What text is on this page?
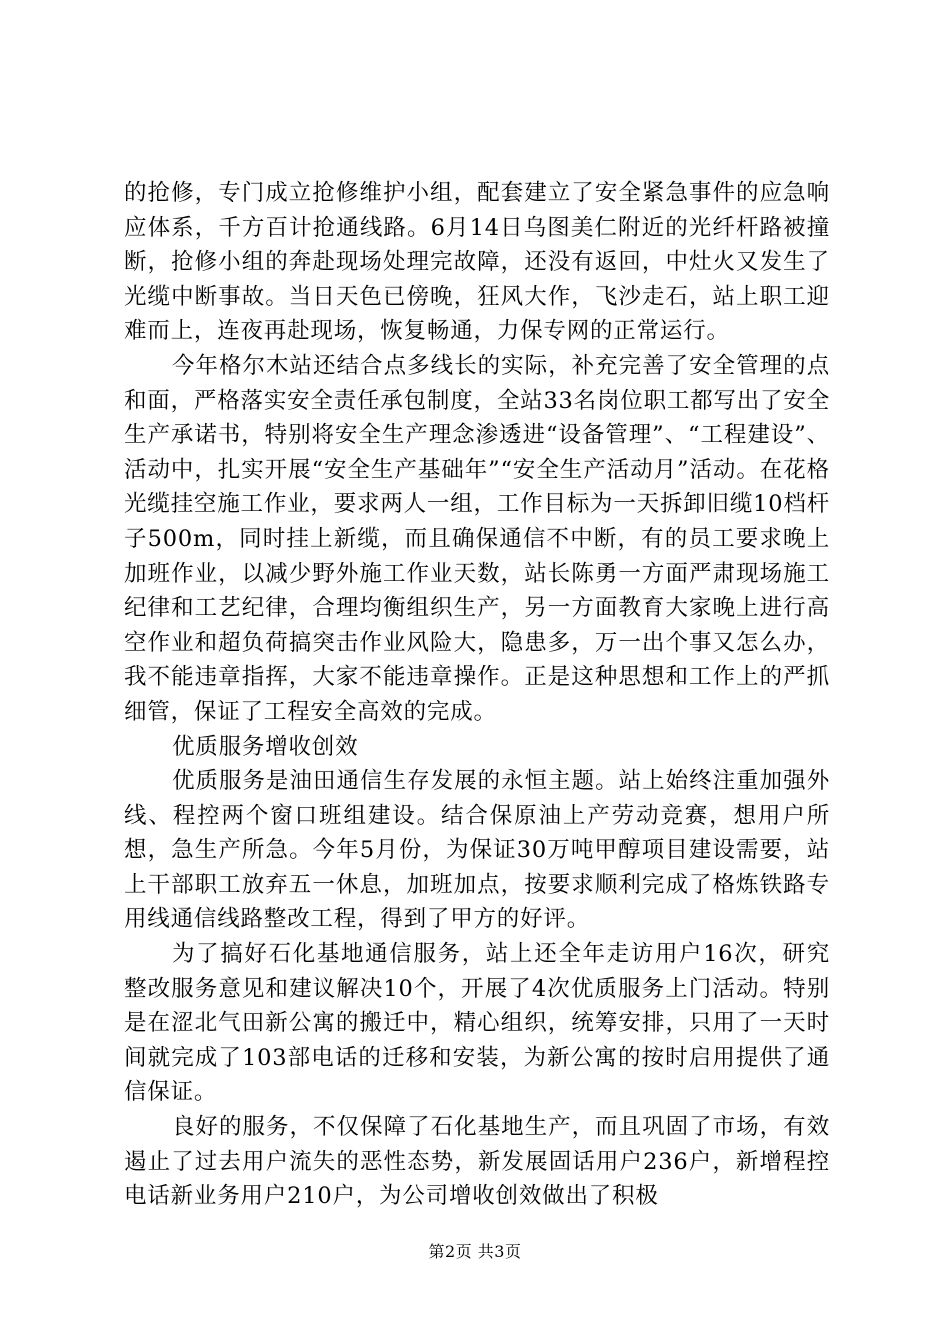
的抢修，专门成立抢修维护小组，配套建立了安全紧急事件的应急响应体系，千方百计抢通线路。6月14日乌图美仁附近的光纤杆路被撞断，抢修小组的奔赴现场处理完故障，还没有返回，中灶火又发生了光缆中断事故。当日天色已傍晚，狂风大作，飞沙走石，站上职工迎难而上，连夜再赴现场，恢复畅通，力保专网的正常运行。

今年格尔木站还结合点多线长的实际，补充完善了安全管理的点和面，严格落实安全责任承包制度，全站33名岗位职工都写出了安全生产承诺书，特别将安全生产理念渗透进“设备管理”、“工程建设”、活动中，扎实开展“安全生产基础年”“安全生产活动月”活动。在花格光缆挂空施工作业，要求两人一组，工作目标为一天拆卸旧缆10档杆子500m，同时挂上新缆，而且确保通信不中断，有的员工要求晚上加班作业，以减少野外施工作业天数，站长陈勇一方面严肃现场施工纪律和工艺纪律，合理均衡组织生产，另一方面教育大家晚上进行高空作业和超负荷搞突击作业风险大，隐患多，万一出个事又怎么办，我不能违章指挥，大家不能违章操作。正是这种思想和工作上的严抓细管，保证了工程安全高效的完成。

优质服务增收创效

优质服务是油田通信生存发展的永恒主题。站上始终注重加强外线、程控两个窗口班组建设。结合保原油上产劳动竞赛，想用户所想，急生产所急。今年5月份，为保证30万吨甲醇项目建设需要，站上干部职工放弃五一休息，加班加点，按要求顺利完成了格炼铁路专用线通信线路整改工程，得到了甲方的好评。

为了搞好石化基地通信服务，站上还全年走访用户16次，研究整改服务意见和建议解决10个，开展了4次优质服务上门活动。特别是在涩北气田新公寓的搬迁中，精心组织，统筹安排，只用了一天时间就完成了103部电话的迁移和安装，为新公寓的按时启用提供了通信保证。

良好的服务，不仅保障了石化基地生产，而且巩固了市场，有效遏止了过去用户流失的恶性态势，新发展固话用户236户，新增程控电话新业务用户210户，为公司增收创效做出了积极

第2页 共3页
